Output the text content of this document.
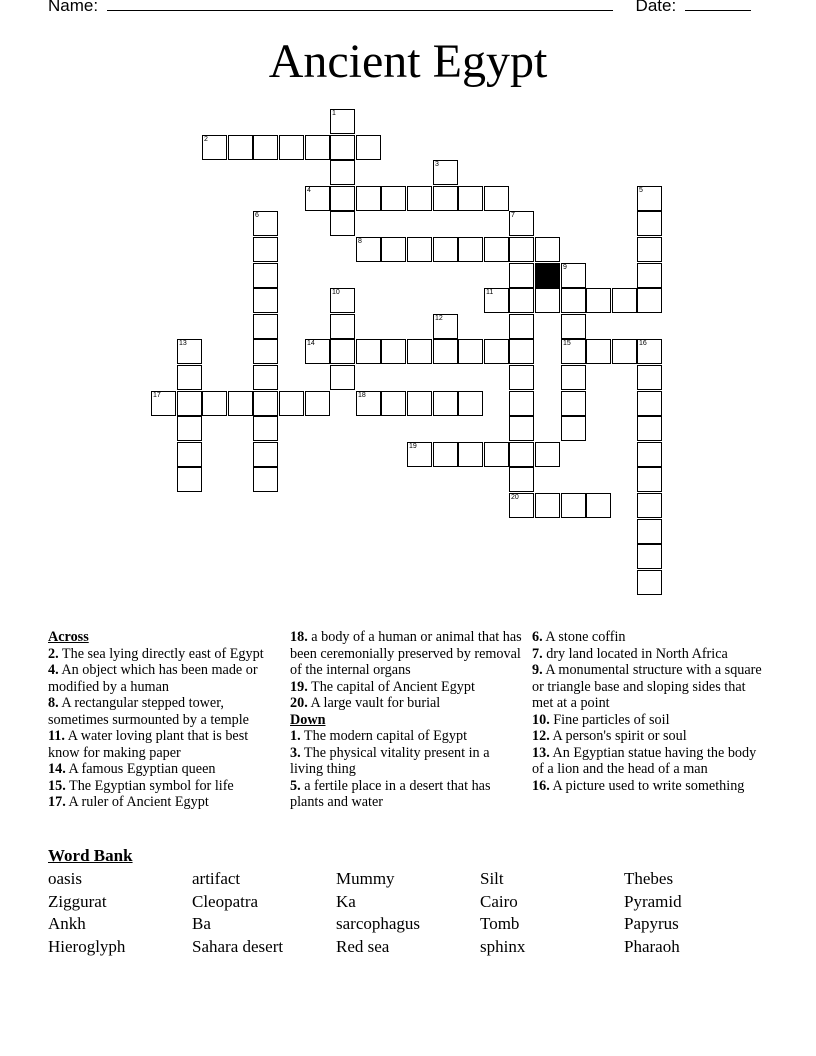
Name:	Date:
Ancient Egypt
1
2
3
4	5
6	7
20
8
9
15
10	11
12
13	14	16
17	18
19
Across
2. The sea lying directly east of Egypt
4. An object which has been made or modified by a human
8. A rectangular stepped tower, sometimes surmounted by a temple
11. A water loving plant that is best know for making paper
14. A famous Egyptian queen
15. The Egyptian symbol for life
17. A ruler of Ancient Egypt
18. a body of a human or animal that has been ceremonially preserved by removal of the internal organs
19. The capital of Ancient Egypt
20. A large vault for burial
Down
1. The modern capital of Egypt
3. The physical vitality present in a living thing
5. a fertile place in a desert that has plants and water
6. A stone coffin
7. dry land located in North Africa
9. A monumental structure with a square or triangle base and sloping sides that met at a point
10. Fine particles of soil
12. A person's spirit or soul
13. An Egyptian statue having the body of a lion and the head of a man
16. A picture used to write something
Word Bank
oasis	artifact	Mummy	Silt	Thebes
Ziggurat	Cleopatra	Ka	Cairo	Pyramid
Ankh	Ba	sarcophagus	Tomb	Papyrus
Hieroglyph	Sahara desert	Red sea	sphinx	Pharaoh
